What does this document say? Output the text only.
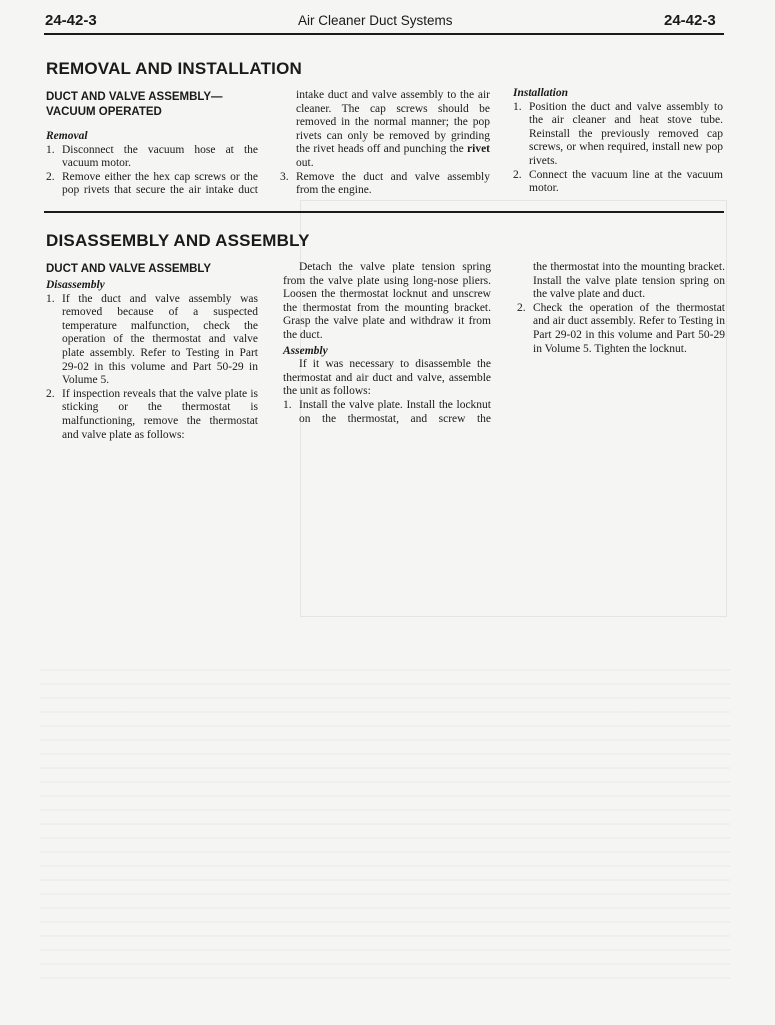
24-42-3	Air Cleaner Duct Systems	24-42-3
REMOVAL AND INSTALLATION
DUCT AND VALVE ASSEMBLY— VACUUM OPERATED
Removal
1. Disconnect the vacuum hose at the vacuum motor.
2. Remove either the hex cap screws or the pop rivets that secure the air intake duct

intake duct and valve assembly to the air cleaner. The cap screws should be removed in the normal manner; the pop rivets can only be removed by grinding the rivet heads off and punching the rivet out.

3. Remove the duct and valve assembly from the engine.
Installation
1. Position the duct and valve assembly to the air cleaner and heat stove tube. Reinstall the previously removed cap screws, or when required, install new pop rivets.
2. Connect the vacuum line at the vacuum motor.
DISASSEMBLY AND ASSEMBLY
DUCT AND VALVE ASSEMBLY
Disassembly
1. If the duct and valve assembly was removed because of a suspected temperature malfunction, check the operation of the thermostat and valve plate assembly. Refer to Testing in Part 29-02 in this volume and Part 50-29 in Volume 5.
2. If inspection reveals that the valve plate is sticking or the thermostat is malfunctioning, remove the thermostat and valve plate as follows:

Detach the valve plate tension spring from the valve plate using long-nose pliers. Loosen the thermostat locknut and unscrew the thermostat from the mounting bracket. Grasp the valve plate and withdraw it from the duct.

Assembly

If it was necessary to disassemble the thermostat and air duct and valve, assemble the unit as follows:

1. Install the valve plate. Install the locknut on the thermostat, and screw the

the thermostat into the mounting bracket. Install the valve plate tension spring on the valve plate and duct.

2. Check the operation of the thermostat and air duct assembly. Refer to Testing in Part 29-02 in this volume and Part 50-29 in Volume 5. Tighten the locknut.
